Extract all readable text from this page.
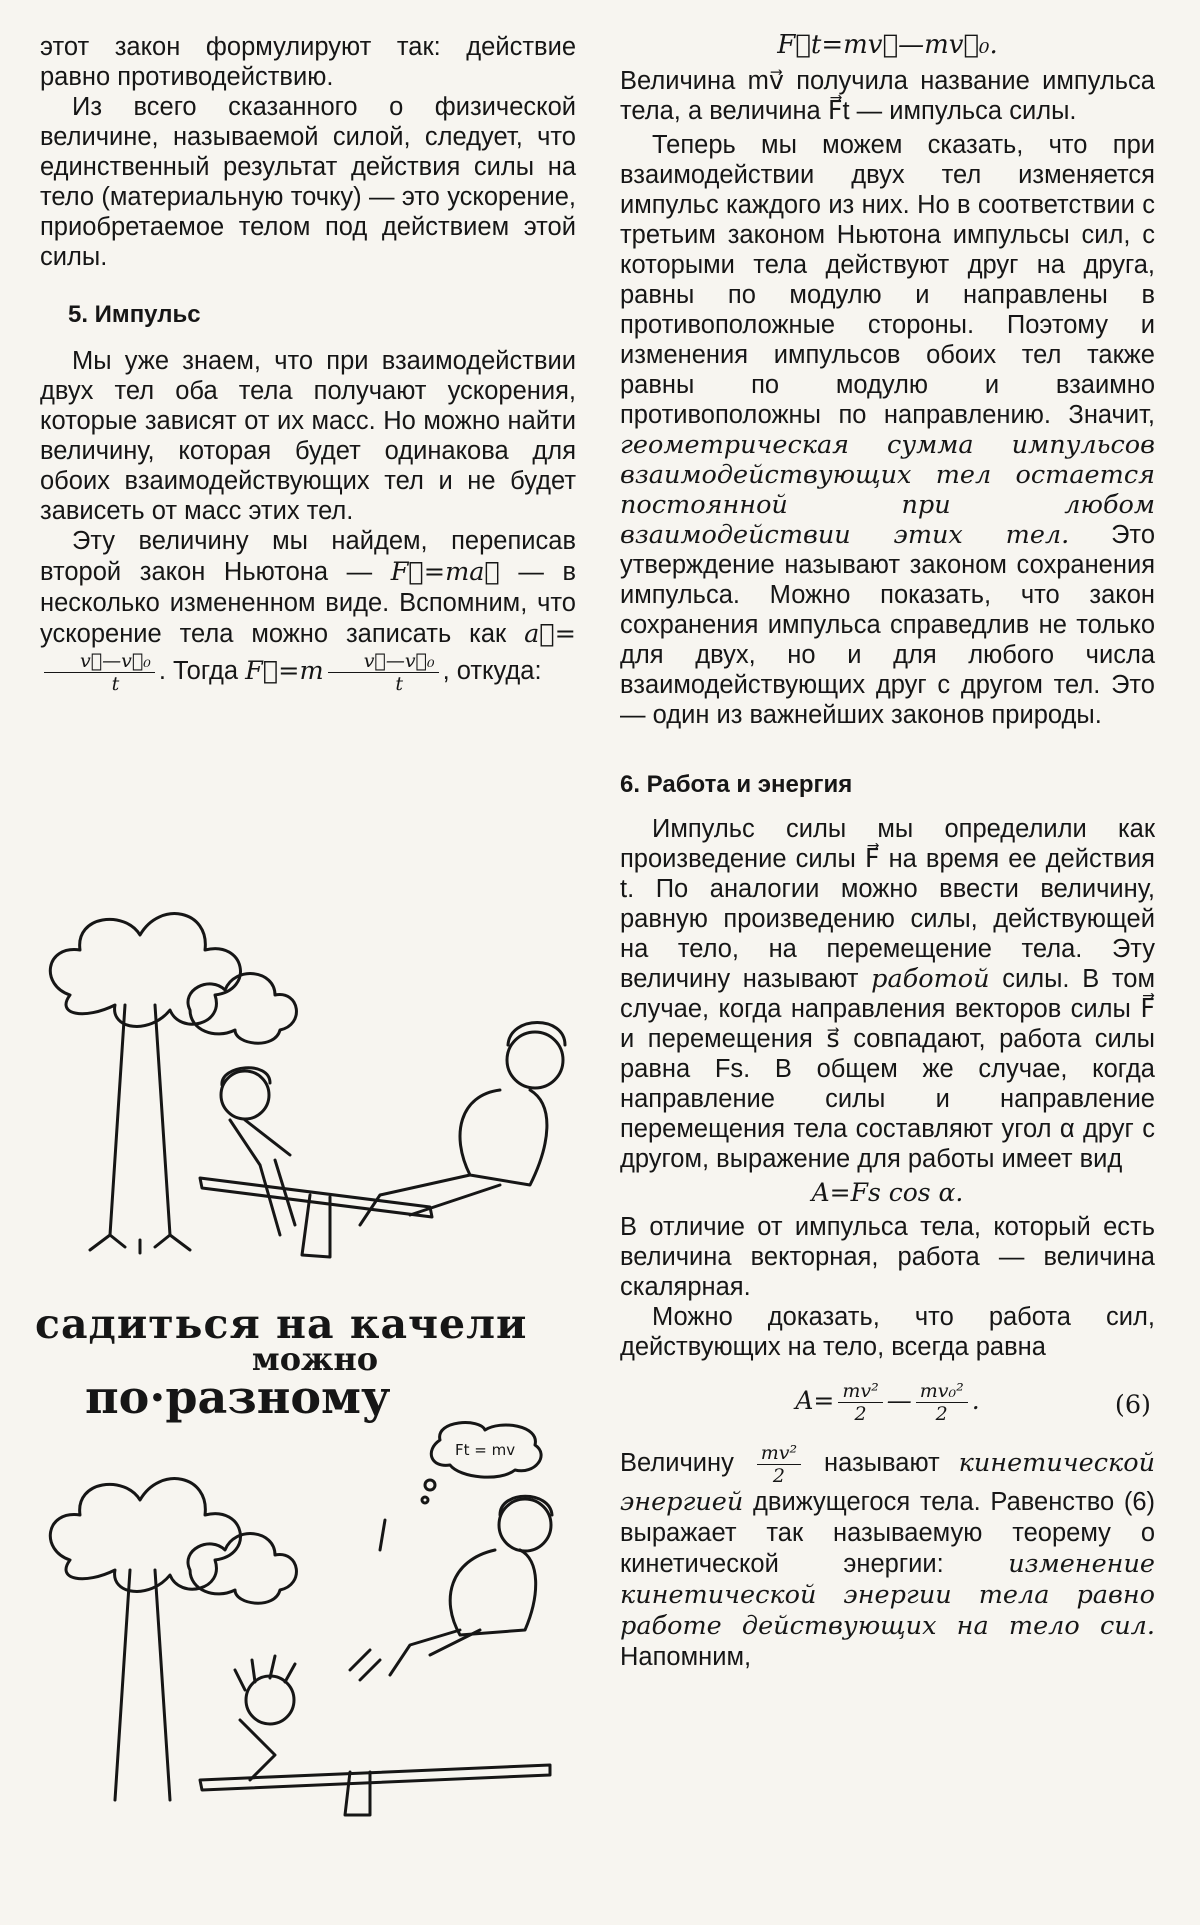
этот закон формулируют так: действие равно противодействию.

Из всего сказанного о физической величине, называемой силой, следует, что единственный результат действия силы на тело (материальную точку) — это ускорение, приобретаемое телом под действием этой силы.

5. Импульс

Мы уже знаем, что при взаимодействии двух тел оба тела получают ускорения, которые зависят от их масс. Но можно найти величину, которая будет одинакова для обоих взаимодействующих тел и не будет зависеть от масс этих тел.

Эту величину мы найдем, переписав второй закон Ньютона — F⃗=ma⃗ — в несколько измененном виде. Вспомним, что ускорение тела можно записать как a⃗=
$\frac{\text{v⃗—v⃗₀}}{t}$ . Тогда F⃗=m $\frac{\text{v⃗—v⃗₀}}{t}$ , откуда:

садиться на качели
можно
по·разному
Ft = mv
F⃗t=mv⃗—mv⃗₀.

Величина mv⃗ получила название импульса тела, а величина F⃗t — импульса силы.

Теперь мы можем сказать, что при взаимодействии двух тел изменяется импульс каждого из них. Но в соответствии с третьим законом Ньютона импульсы сил, с которыми тела действуют друг на друга, равны по модулю и направлены в противоположные стороны. Поэтому и изменения импульсов обоих тел также равны по модулю и взаимно противоположны по направлению. Значит, геометрическая сумма импульсов взаимодействующих тел остается постоянной при любом взаимодействии этих тел. Это утверждение называют законом сохранения импульса. Можно показать, что закон сохранения импульса справедлив не только для двух, но и для любого числа взаимодействующих друг с другом тел. Это — один из важнейших законов природы.

6. Работа и энергия

Импульс силы мы определили как произведение силы F⃗ на время ее действия t. По аналогии можно ввести величину, равную произведению силы, действующей на тело, на перемещение тела. Эту величину называют работой силы. В том случае, когда направления векторов силы F⃗ и перемещения s⃗ совпадают, работа силы равна Fs. В общем же случае, когда направление силы и направление перемещения тела составляют угол α друг с другом, выражение для работы имеет вид

A=Fs cos α.

В отличие от импульса тела, который есть величина векторная, работа — величина скалярная.

Можно доказать, что работа сил, действующих на тело, всегда равна

$A= \frac{\text{mv²}}{2}$ — $\frac{\text{mv₀²}}{2}$ .	(6)

Величину $\frac{\text{mv²}}{2}$ называют кинетической энергией движущегося тела. Равенство (6) выражает так называемую теорему о кинетической энергии:	изменение кинетической энергии тела равно работе действующих на тело сил. Напомним,
